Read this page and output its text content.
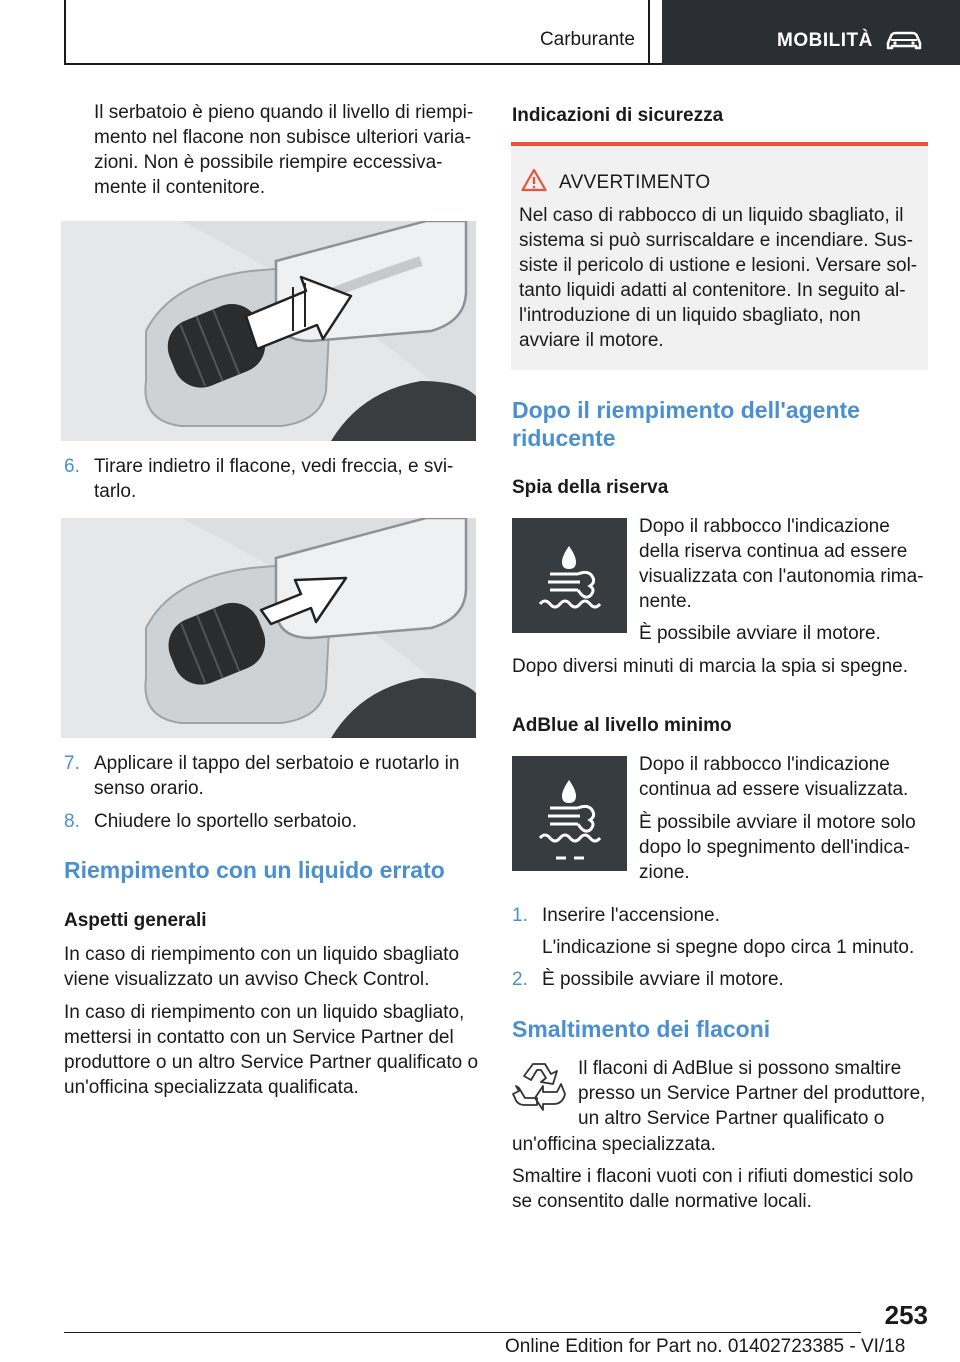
Carburante	MOBILITÀ
Il serbatoio è pieno quando il livello di riempi-
mento nel flacone non subisce ulteriori varia-
zioni. Non è possibile riempire eccessiva-
mente il contenitore.
6. Tirare indietro il flacone, vedi freccia, e svi-
tarlo.
7. Applicare il tappo del serbatoio e ruotarlo in
senso orario.
8. Chiudere lo sportello serbatoio.
Riempimento con un liquido errato
Aspetti generali
In caso di riempimento con un liquido sbagliato
viene visualizzato un avviso Check Control.
In caso di riempimento con un liquido sbagliato,
mettersi in contatto con un Service Partner del
produttore o un altro Service Partner qualificato o
un'officina specializzata qualificata.
Indicazioni di sicurezza
AVVERTIMENTO
Nel caso di rabbocco di un liquido sbagliato, il
sistema si può surriscaldare e incendiare. Sus-
siste il pericolo di ustione e lesioni. Versare sol-
tanto liquidi adatti al contenitore. In seguito al-
l'introduzione di un liquido sbagliato, non
avviare il motore.
Dopo il riempimento dell'agente
riducente
Spia della riserva
Dopo il rabbocco l'indicazione
della riserva continua ad essere
visualizzata con l'autonomia rima-
nente.
È possibile avviare il motore.
Dopo diversi minuti di marcia la spia si spegne.
AdBlue al livello minimo
Dopo il rabbocco l'indicazione
continua ad essere visualizzata.
È possibile avviare il motore solo
dopo lo spegnimento dell'indica-
zione.
1. Inserire l'accensione.
L'indicazione si spegne dopo circa 1 minuto.
2. È possibile avviare il motore.
Smaltimento dei flaconi
Il flaconi di AdBlue si possono smaltire
presso un Service Partner del produttore,
un altro Service Partner qualificato o
un'officina specializzata.
Smaltire i flaconi vuoti con i rifiuti domestici solo
se consentito dalle normative locali.
253
Online Edition for Part no. 01402723385 - VI/18
